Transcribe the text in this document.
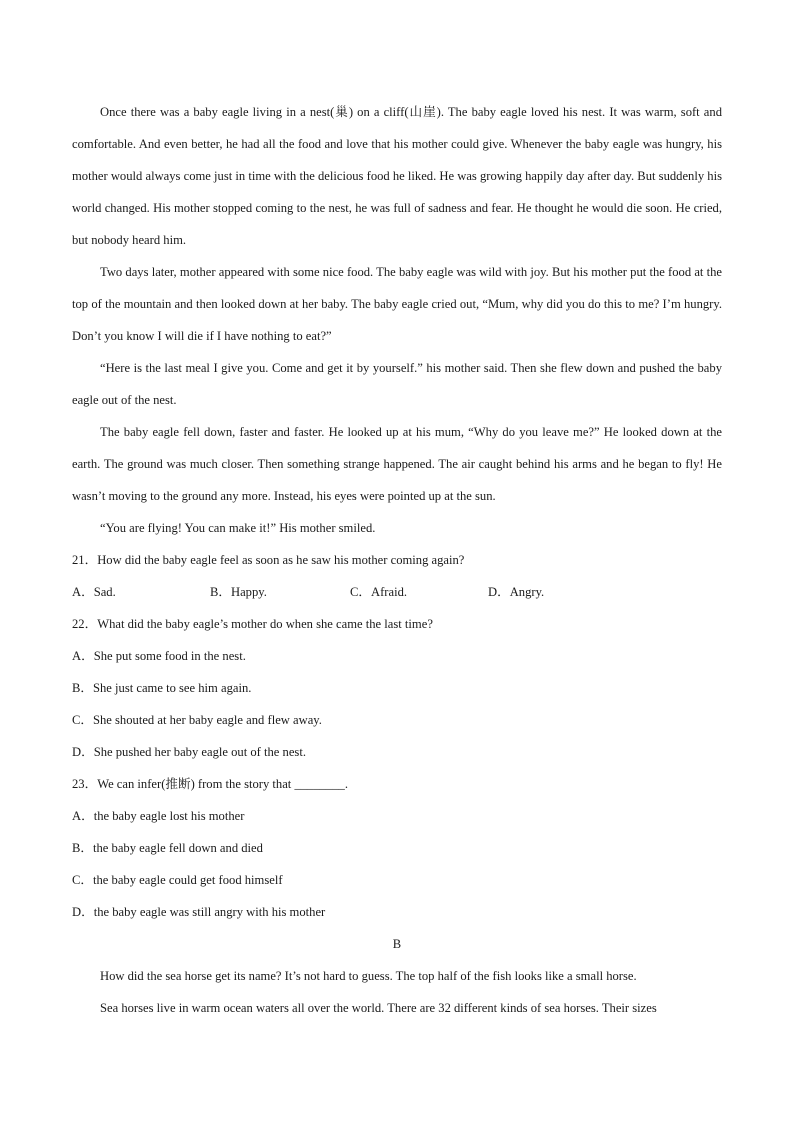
Once there was a baby eagle living in a nest(巢) on a cliff(山崖). The baby eagle loved his nest. It was warm, soft and comfortable. And even better, he had all the food and love that his mother could give. Whenever the baby eagle was hungry, his mother would always come just in time with the delicious food he liked. He was growing happily day after day. But suddenly his world changed. His mother stopped coming to the nest, he was full of sadness and fear. He thought he would die soon. He cried, but nobody heard him.

Two days later, mother appeared with some nice food. The baby eagle was wild with joy. But his mother put the food at the top of the mountain and then looked down at her baby. The baby eagle cried out, “Mum, why did you do this to me? I’m hungry. Don’t you know I will die if I have nothing to eat?”

“Here is the last meal I give you. Come and get it by yourself.” his mother said. Then she flew down and pushed the baby eagle out of the nest.

The baby eagle fell down, faster and faster. He looked up at his mum, “Why do you leave me?” He looked down at the earth. The ground was much closer. Then something strange happened. The air caught behind his arms and he began to fly! He wasn’t moving to the ground any more. Instead, his eyes were pointed up at the sun.

“You are flying! You can make it!” His mother smiled.

21．How did the baby eagle feel as soon as he saw his mother coming again?

A．Sad.	B．Happy.	C．Afraid.	D．Angry.

22．What did the baby eagle’s mother do when she came the last time?

A．She put some food in the nest.

B．She just came to see him again.

C．She shouted at her baby eagle and flew away.

D．She pushed her baby eagle out of the nest.

23．We can infer(推断) from the story that ________.

A．the baby eagle lost his mother

B．the baby eagle fell down and died

C．the baby eagle could get food himself

D．the baby eagle was still angry with his mother

B

How did the sea horse get its name? It’s not hard to guess. The top half of the fish looks like a small horse.

Sea horses live in warm ocean waters all over the world. There are 32 different kinds of sea horses. Their sizes
